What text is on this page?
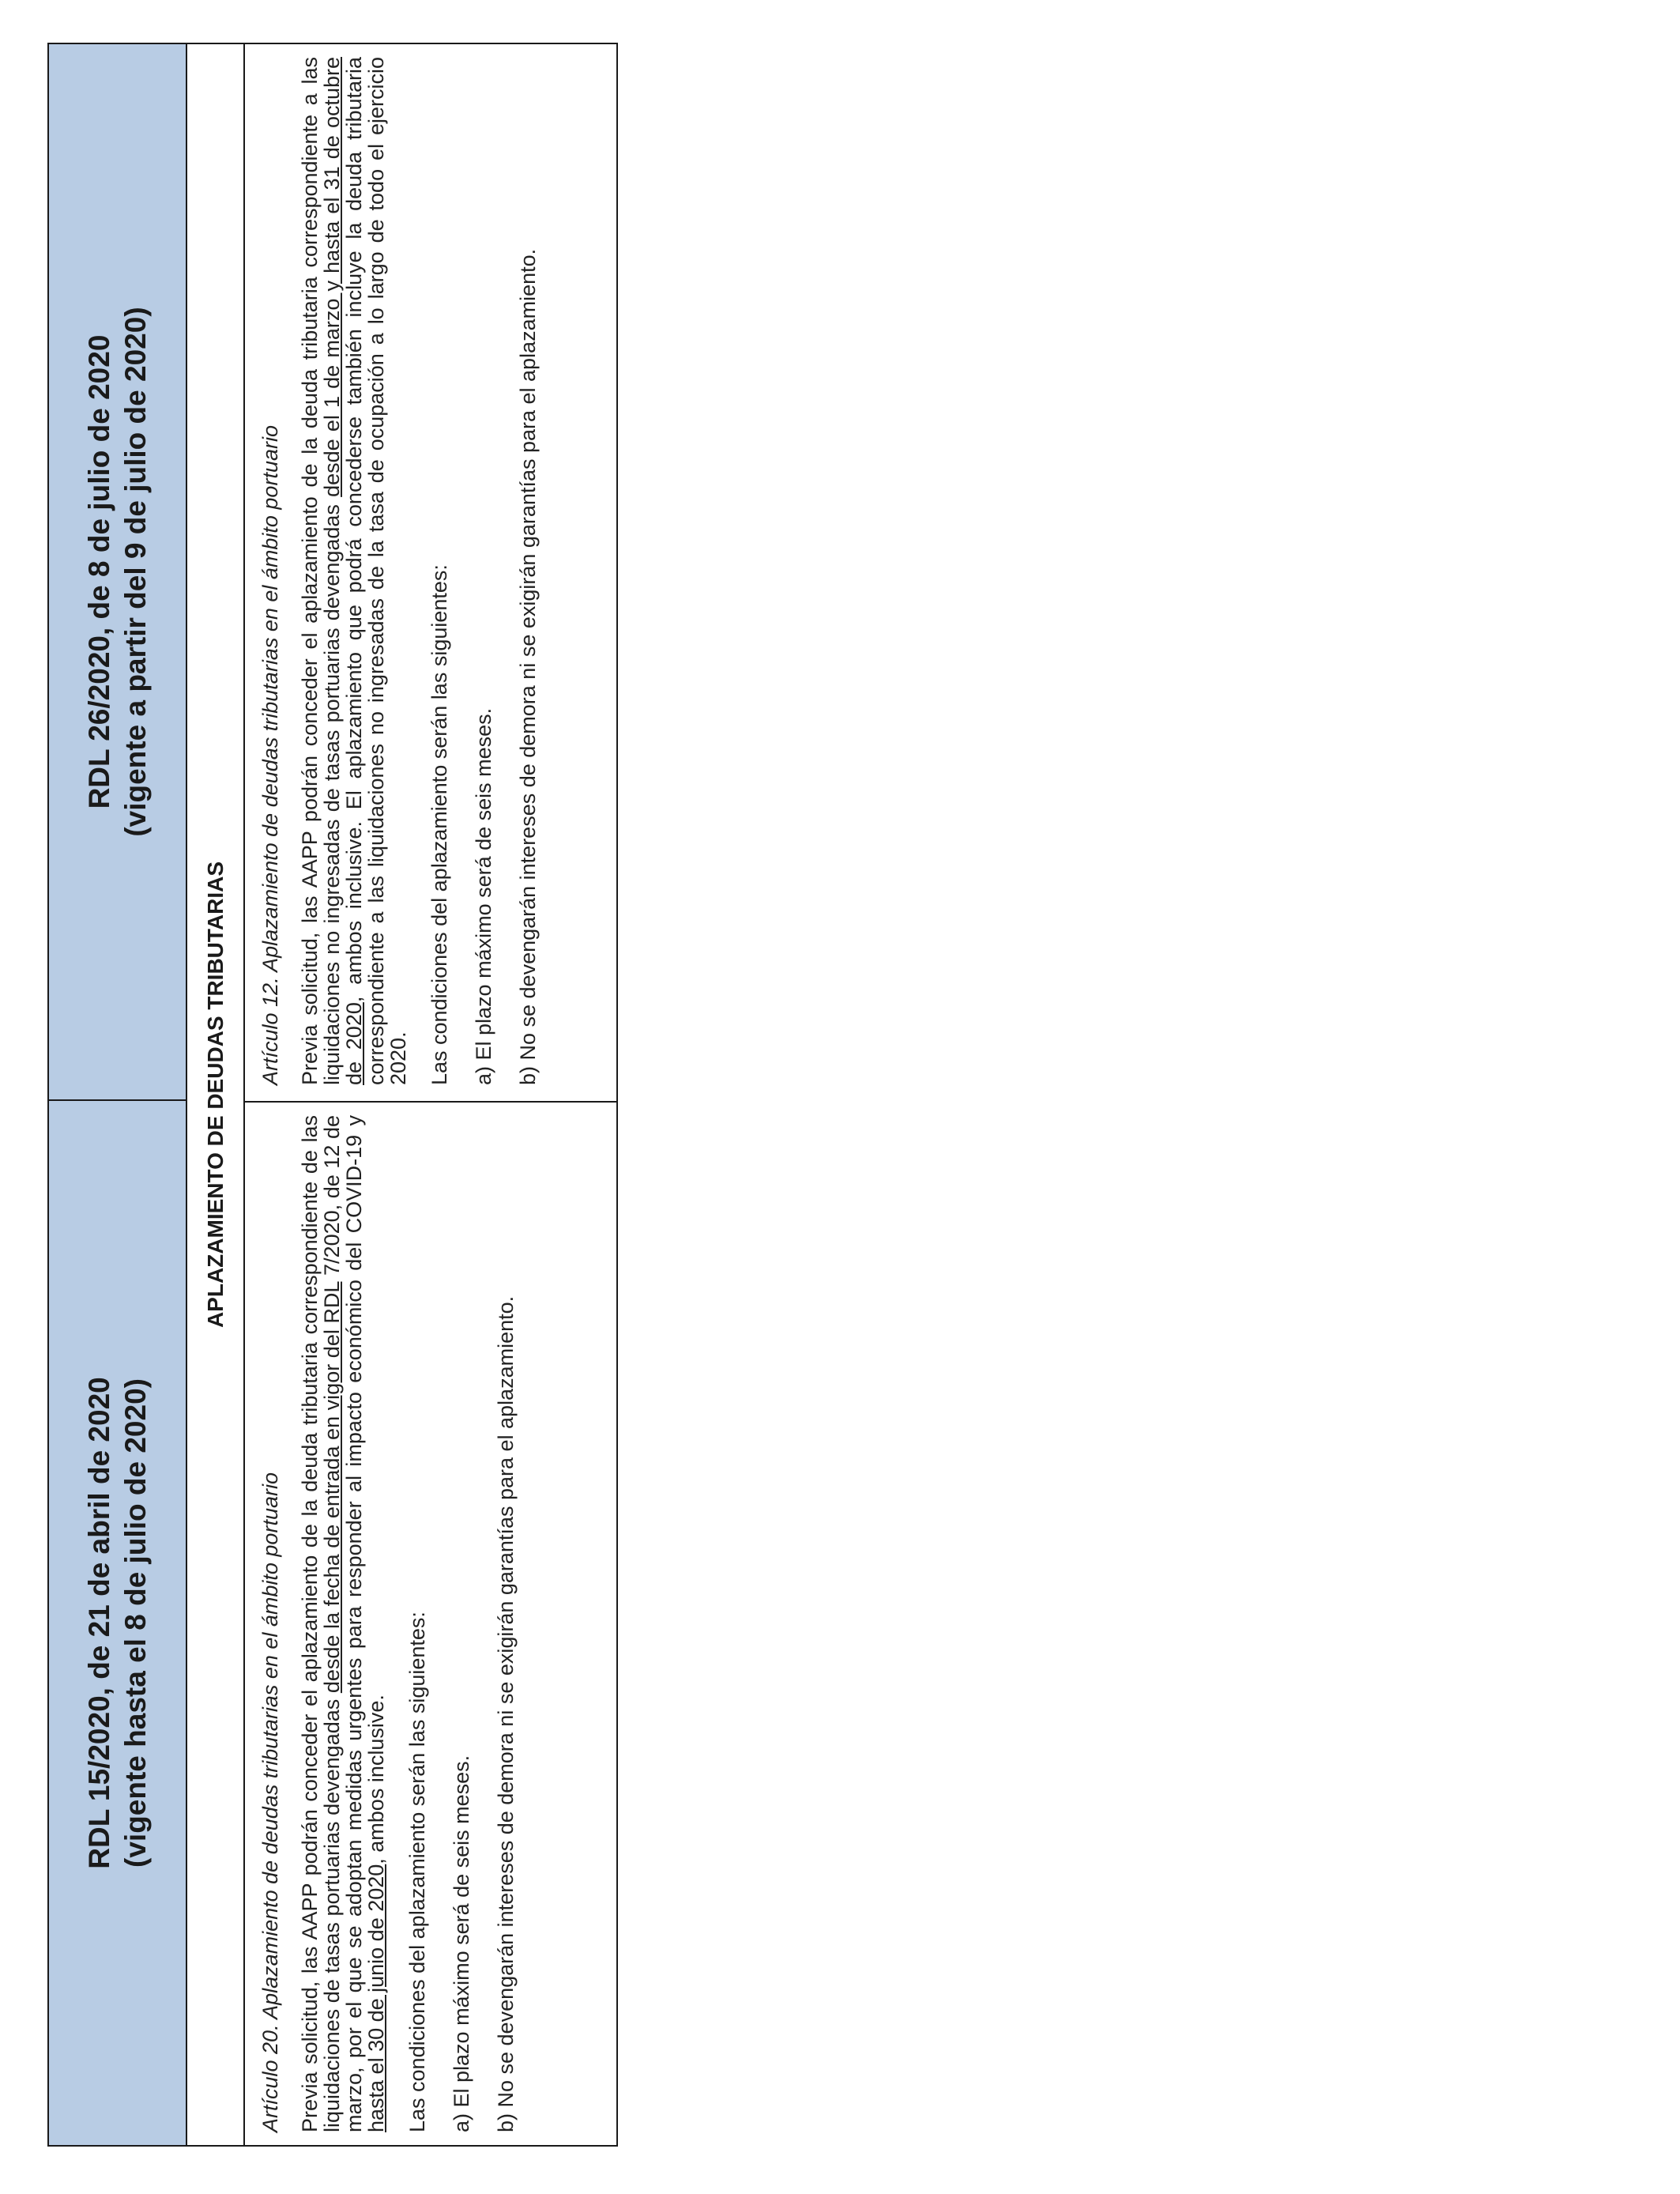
RDL 15/2020, de 21 de abril de 2020 (vigente hasta el 8 de julio de 2020)
RDL 26/2020, de 8 de julio de 2020 (vigente a partir del 9 de julio de 2020)
APLAZAMIENTO DE DEUDAS TRIBUTARIAS

Artículo 20. Aplazamiento de deudas tributarias en el ámbito portuario Previa solicitud, las AAPP podrán conceder el aplazamiento de la deuda tributaria correspondiente de las liquidaciones de tasas portuarias devengadas desde la fecha de entrada en vigor del RDL 7/2020, de 12 de marzo, por el que se adoptan medidas urgentes para responder al impacto económico del COVID-19 y hasta el 30 de junio de 2020, ambos inclusive. Las condiciones del aplazamiento serán las siguientes: a) El plazo máximo será de seis meses. b) No se devengarán intereses de demora ni se exigirán garantías para el aplazamiento.

Artículo 12. Aplazamiento de deudas tributarias en el ámbito portuario Previa solicitud, las AAPP podrán conceder el aplazamiento de la deuda tributaria correspondiente a las liquidaciones no ingresadas de tasas portuarias devengadas desde el 1 de marzo y hasta el 31 de octubre de 2020, ambos inclusive. El aplazamiento que podrá concederse también incluye la deuda tributaria correspondiente a las liquidaciones no ingresadas de la tasa de ocupación a lo largo de todo el ejercicio 2020. Las condiciones del aplazamiento serán las siguientes: a) El plazo máximo será de seis meses. b) No se devengarán intereses de demora ni se exigirán garantías para el aplazamiento.
